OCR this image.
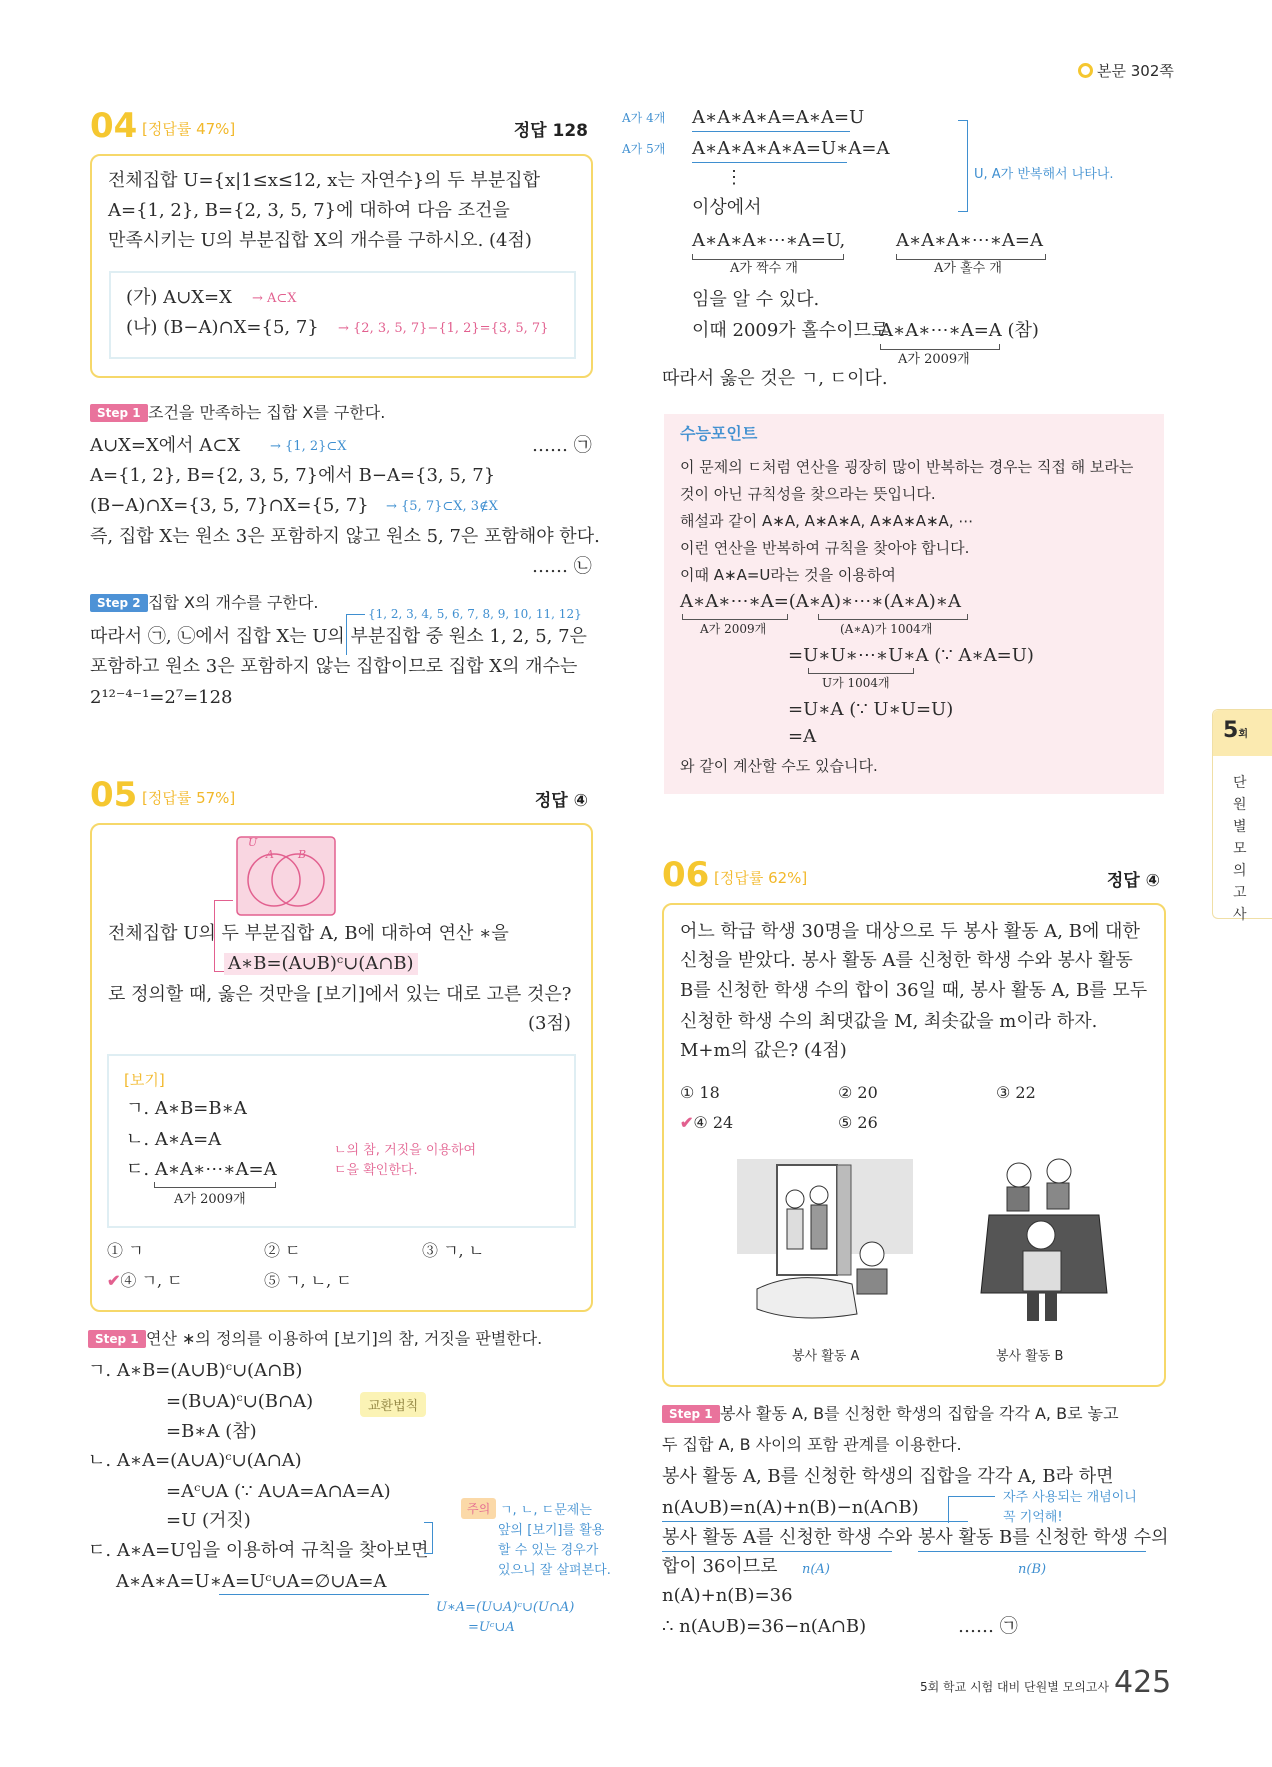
본문 302쪽
04 [정답률 47%]	정답 128
전체집합 U={x|1≤x≤12, x는 자연수}의 두 부분집합
A={1, 2}, B={2, 3, 5, 7}에 대하여 다음 조건을
만족시키는 U의 부분집합 X의 개수를 구하시오. (4점)
(가) A∪X=X → A⊂X
(나) (B−A)∩X={5, 7} → {2, 3, 5, 7}−{1, 2}={3, 5, 7}
Step 1 조건을 만족하는 집합 X를 구한다.
A∪X=X에서 A⊂X → {1, 2}⊂X	…… ㉠
A={1, 2}, B={2, 3, 5, 7}에서 B−A={3, 5, 7}
(B−A)∩X={3, 5, 7}∩X={5, 7} → {5, 7}⊂X, 3∉X
즉, 집합 X는 원소 3은 포함하지 않고 원소 5, 7은 포함해야 한다.
…… ㉡
Step 2 집합 X의 개수를 구한다.
{1, 2, 3, 4, 5, 6, 7, 8, 9, 10, 11, 12}
따라서 ㉠, ㉡에서 집합 X는 U의 부분집합 중 원소 1, 2, 5, 7은
포함하고 원소 3은 포함하지 않는 집합이므로 집합 X의 개수는
2¹²⁻⁴⁻¹=2⁷=128
05 [정답률 57%]	정답 ④
U
A B
전체집합 U의 두 부분집합 A, B에 대하여 연산 ∗을
A∗B=(A∪B)ᶜ∪(A∩B)
로 정의할 때, 옳은 것만을 [보기]에서 있는 대로 고른 것은?
(3점)
[보기]
ㄱ. A∗B=B∗A
ㄴ. A∗A=A
ㄷ. A∗A∗⋯∗A=A
A가 2009개
ㄴ의 참, 거짓을 이용하여
ㄷ을 확인한다.
① ㄱ	② ㄷ	③ ㄱ, ㄴ
✔④ ㄱ, ㄷ	⑤ ㄱ, ㄴ, ㄷ
Step 1 연산 ∗의 정의를 이용하여 [보기]의 참, 거짓을 판별한다.
ㄱ. A∗B=(A∪B)ᶜ∪(A∩B)
=(B∪A)ᶜ∪(B∩A)	교환법칙
=B∗A (참)
ㄴ. A∗A=(A∪A)ᶜ∪(A∩A)
=Aᶜ∪A (∵ A∪A=A∩A=A)
=U (거짓)
ㄷ. A∗A=U임을 이용하여 규칙을 찾아보면
A∗A∗A=U∗A=Uᶜ∪A=∅∪A=A
주의 ㄱ, ㄴ, ㄷ문제는
앞의 [보기]를 활용
할 수 있는 경우가
있으니 잘 살펴본다.
U∗A=(U∪A)ᶜ∪(U∩A)
=Uᶜ∪A
A가 4개 A∗A∗A∗A=A∗A=U
A가 5개 A∗A∗A∗A∗A=U∗A=A
⋮	U, A가 반복해서 나타나.
이상에서
A∗A∗A∗⋯∗A=U,
A가 짝수 개
A∗A∗A∗⋯∗A=A
A가 홀수 개
임을 알 수 있다.
이때 2009가 홀수이므로
A∗A∗⋯∗A=A (참)
A가 2009개
따라서 옳은 것은 ㄱ, ㄷ이다.
수능포인트
이 문제의 ㄷ처럼 연산을 굉장히 많이 반복하는 경우는 직접 해 보라는
것이 아닌 규칙성을 찾으라는 뜻입니다.
해설과 같이 A∗A, A∗A∗A, A∗A∗A∗A, ⋯
이런 연산을 반복하여 규칙을 찾아야 합니다.
이때 A∗A=U라는 것을 이용하여
A∗A∗⋯∗A=(A∗A)∗⋯∗(A∗A)∗A
A가 2009개	(A∗A)가 1004개
=U∗U∗⋯∗U∗A (∵ A∗A=U)
U가 1004개
=U∗A (∵ U∗U=U)
=A
와 같이 계산할 수도 있습니다.
06 [정답률 62%]	정답 ④
어느 학급 학생 30명을 대상으로 두 봉사 활동 A, B에 대한
신청을 받았다. 봉사 활동 A를 신청한 학생 수와 봉사 활동
B를 신청한 학생 수의 합이 36일 때, 봉사 활동 A, B를 모두
신청한 학생 수의 최댓값을 M, 최솟값을 m이라 하자.
M+m의 값은? (4점)
① 18	② 20	③ 22
✔④ 24	⑤ 26
봉사 활동 A	봉사 활동 B
Step 1 봉사 활동 A, B를 신청한 학생의 집합을 각각 A, B로 놓고
두 집합 A, B 사이의 포함 관계를 이용한다.
봉사 활동 A, B를 신청한 학생의 집합을 각각 A, B라 하면
n(A∪B)=n(A)+n(B)−n(A∩B)	자주 사용되는 개념이니
꼭 기억해!
봉사 활동 A를 신청한 학생 수와 봉사 활동 B를 신청한 학생 수의
합이 36이므로 n(A)	n(B)
n(A)+n(B)=36
∴ n(A∪B)=36−n(A∩B)	…… ㉠
5회
단원별모의고사
5회 학교 시험 대비 단원별 모의고사 425
